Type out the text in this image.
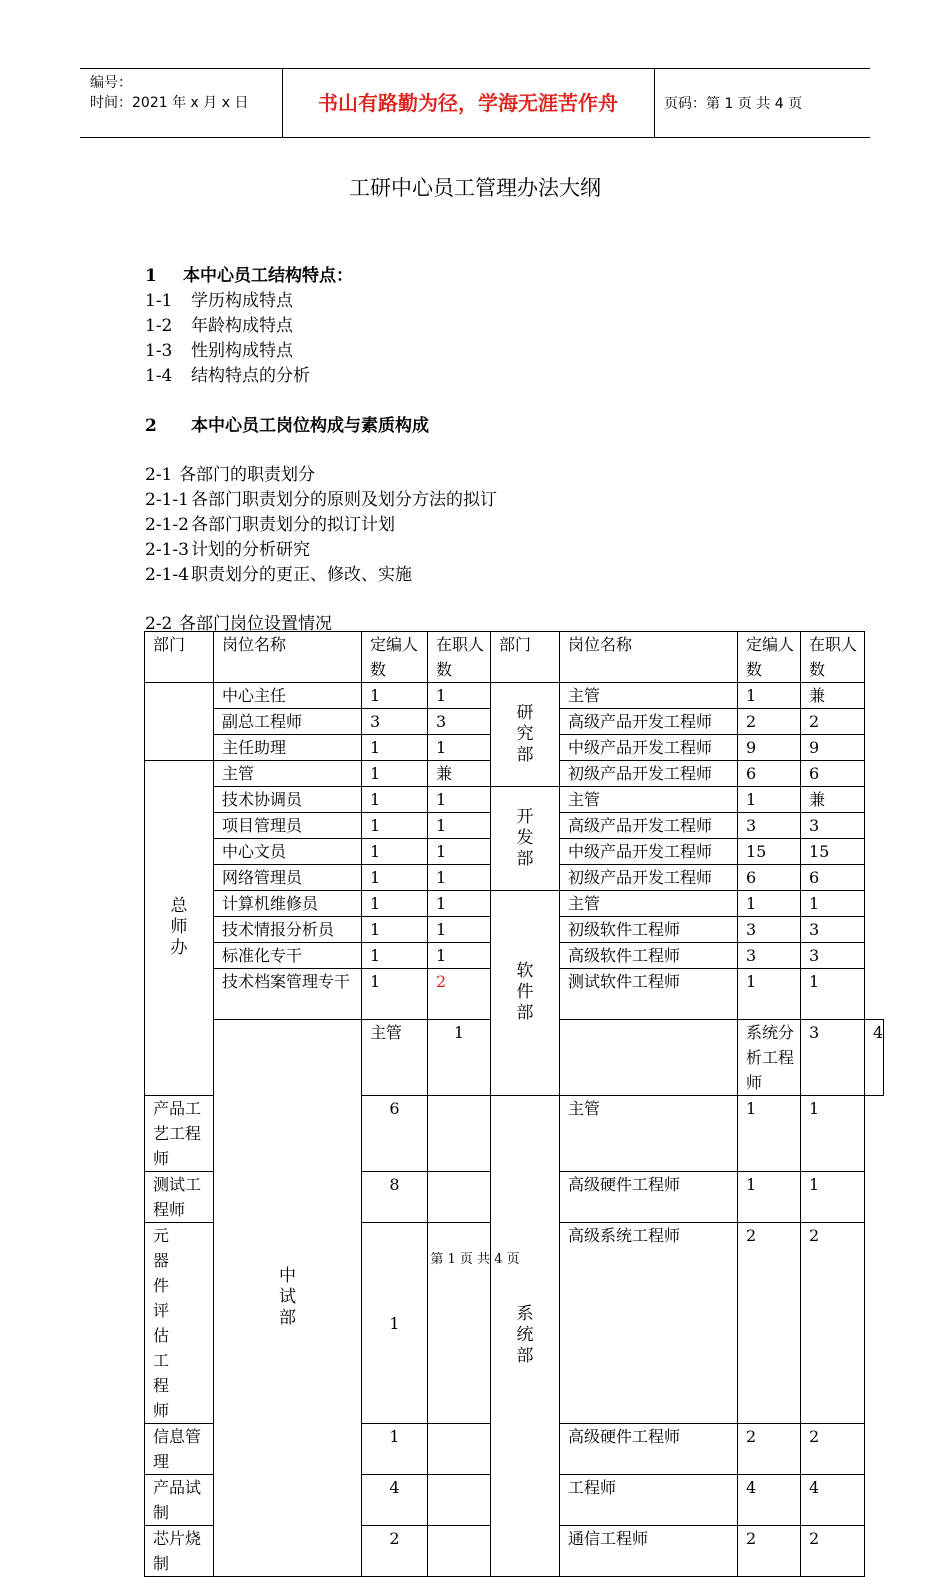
编号：
时间：2021 年 x 月 x 日	书山有路勤为径，学海无涯苦作舟	页码：第 1 页 共 4 页
工研中心员工管理办法大纲
1 本中心员工结构特点：
1-1 学历构成特点
1-2 年龄构成特点
1-3 性别构成特点
1-4 结构特点的分析
2 本中心员工岗位构成与素质构成
2-1 各部门的职责划分
2-1-1 各部门职责划分的原则及划分方法的拟订
2-1-2 各部门职责划分的拟订计划
2-1-3 计划的分析研究
2-1-4 职责划分的更正、修改、实施
2-2 各部门岗位设置情况
部门	岗位名称	定编人数	在职人数	部门	岗位名称	定编人数	在职人数	
	中心主任	1	1	研究部	主管	1	兼	
	副总工程师	3	3		高级产品开发工程师	2	2	
	主任助理	1	1		中级产品开发工程师	9	9	
总师办	主管	1	兼		初级产品开发工程师	6	6	
	技术协调员	1	1	开发部	主管	1	兼	
	项目管理员	1	1		高级产品开发工程师	3	3	
	中心文员	1	1		中级产品开发工程师	15	15	
	网络管理员	1	1		初级产品开发工程师	6	6	
	计算机维修员	1	1	软件部	主管	1	1	
	技术情报分析员	1	1		初级软件工程师	3	3	
	标准化专干	1	1		高级软件工程师	3	3	
	技术档案管理专干	1	2		测试软件工程师	1	1	
	中试部	主管	1			系统分析工程师	3	4
产品工艺工程师		6		系统部	主管	1	1	
测试工程师		8			高级硬件工程师	1	1	
元器件评估工程师		1			高级系统工程师	2	2	
信息管理		1			高级硬件工程师	2	2	
产品试制		4			工程师	4	4	
芯片烧制		2			通信工程师	2	2	
第 1 页 共 4 页
